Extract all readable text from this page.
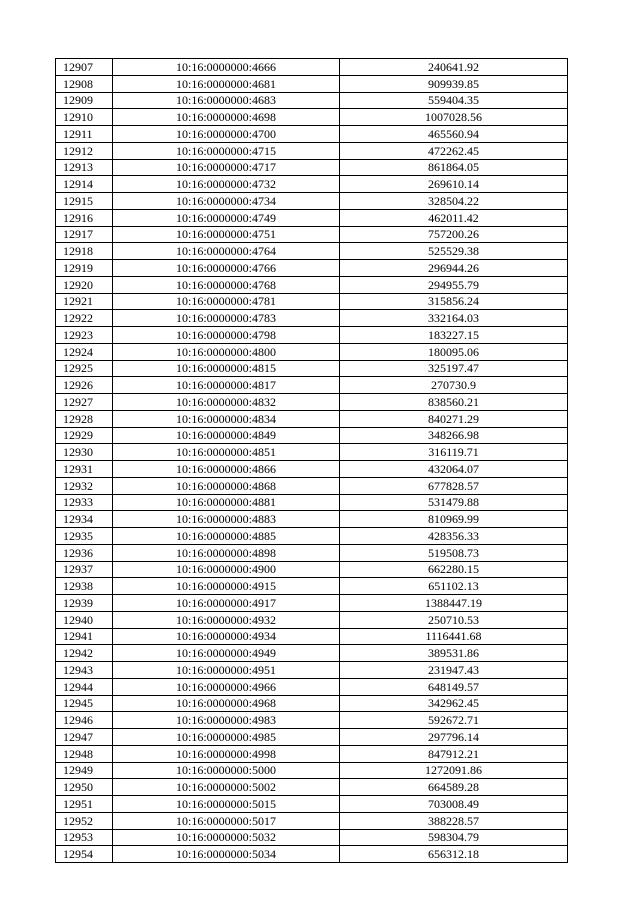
12907	10:16:0000000:4666	240641.92
12908	10:16:0000000:4681	909939.85
12909	10:16:0000000:4683	559404.35
12910	10:16:0000000:4698	1007028.56
12911	10:16:0000000:4700	465560.94
12912	10:16:0000000:4715	472262.45
12913	10:16:0000000:4717	861864.05
12914	10:16:0000000:4732	269610.14
12915	10:16:0000000:4734	328504.22
12916	10:16:0000000:4749	462011.42
12917	10:16:0000000:4751	757200.26
12918	10:16:0000000:4764	525529.38
12919	10:16:0000000:4766	296944.26
12920	10:16:0000000:4768	294955.79
12921	10:16:0000000:4781	315856.24
12922	10:16:0000000:4783	332164.03
12923	10:16:0000000:4798	183227.15
12924	10:16:0000000:4800	180095.06
12925	10:16:0000000:4815	325197.47
12926	10:16:0000000:4817	270730.9
12927	10:16:0000000:4832	838560.21
12928	10:16:0000000:4834	840271.29
12929	10:16:0000000:4849	348266.98
12930	10:16:0000000:4851	316119.71
12931	10:16:0000000:4866	432064.07
12932	10:16:0000000:4868	677828.57
12933	10:16:0000000:4881	531479.88
12934	10:16:0000000:4883	810969.99
12935	10:16:0000000:4885	428356.33
12936	10:16:0000000:4898	519508.73
12937	10:16:0000000:4900	662280.15
12938	10:16:0000000:4915	651102.13
12939	10:16:0000000:4917	1388447.19
12940	10:16:0000000:4932	250710.53
12941	10:16:0000000:4934	1116441.68
12942	10:16:0000000:4949	389531.86
12943	10:16:0000000:4951	231947.43
12944	10:16:0000000:4966	648149.57
12945	10:16:0000000:4968	342962.45
12946	10:16:0000000:4983	592672.71
12947	10:16:0000000:4985	297796.14
12948	10:16:0000000:4998	847912.21
12949	10:16:0000000:5000	1272091.86
12950	10:16:0000000:5002	664589.28
12951	10:16:0000000:5015	703008.49
12952	10:16:0000000:5017	388228.57
12953	10:16:0000000:5032	598304.79
12954	10:16:0000000:5034	656312.18
